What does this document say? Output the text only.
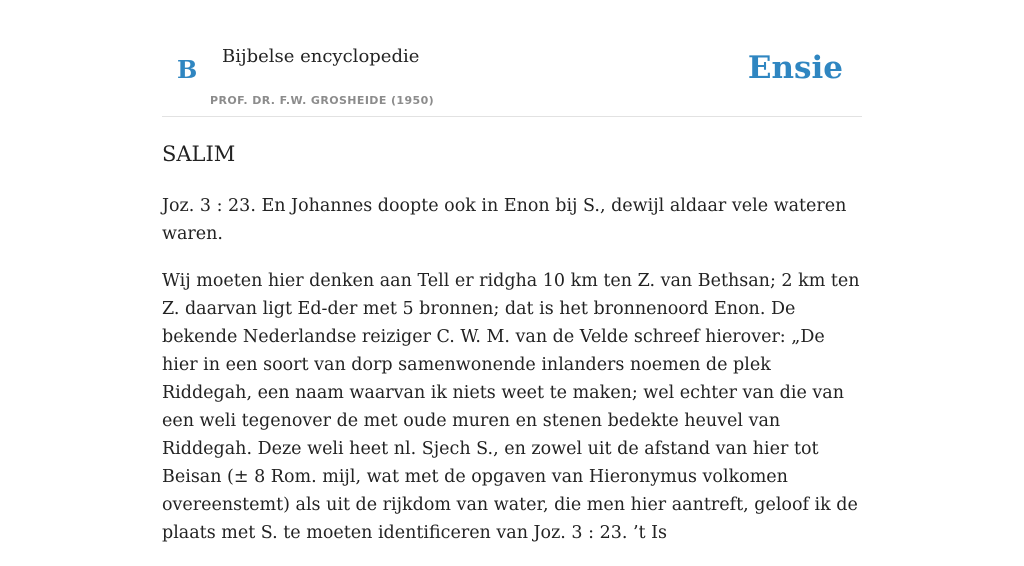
B Bijbelse encyclopedie
PROF. DR. F.W. GROSHEIDE (1950)
Ensie
SALIM

Joz. 3 : 23. En Johannes doopte ook in Enon bij S., dewijl aldaar vele wateren waren.

Wij moeten hier denken aan Tell er ridgha 10 km ten Z. van Bethsan; 2 km ten Z. daarvan ligt Ed-der met 5 bronnen; dat is het bronnenoord Enon. De bekende Nederlandse reiziger C. W. M. van de Velde schreef hierover: „De hier in een soort van dorp samenwonende inlanders noemen de plek Riddegah, een naam waarvan ik niets weet te maken; wel echter van die van een weli tegenover de met oude muren en stenen bedekte heuvel van Riddegah. Deze weli heet nl. Sjech S., en zowel uit de afstand van hier tot Beisan (± 8 Rom. mijl, wat met de opgaven van Hieronymus volkomen overeenstemt) als uit de rijkdom van water, die men hier aantreft, geloof ik de plaats met S. te moeten identificeren van Joz. 3 : 23. ’t Is
